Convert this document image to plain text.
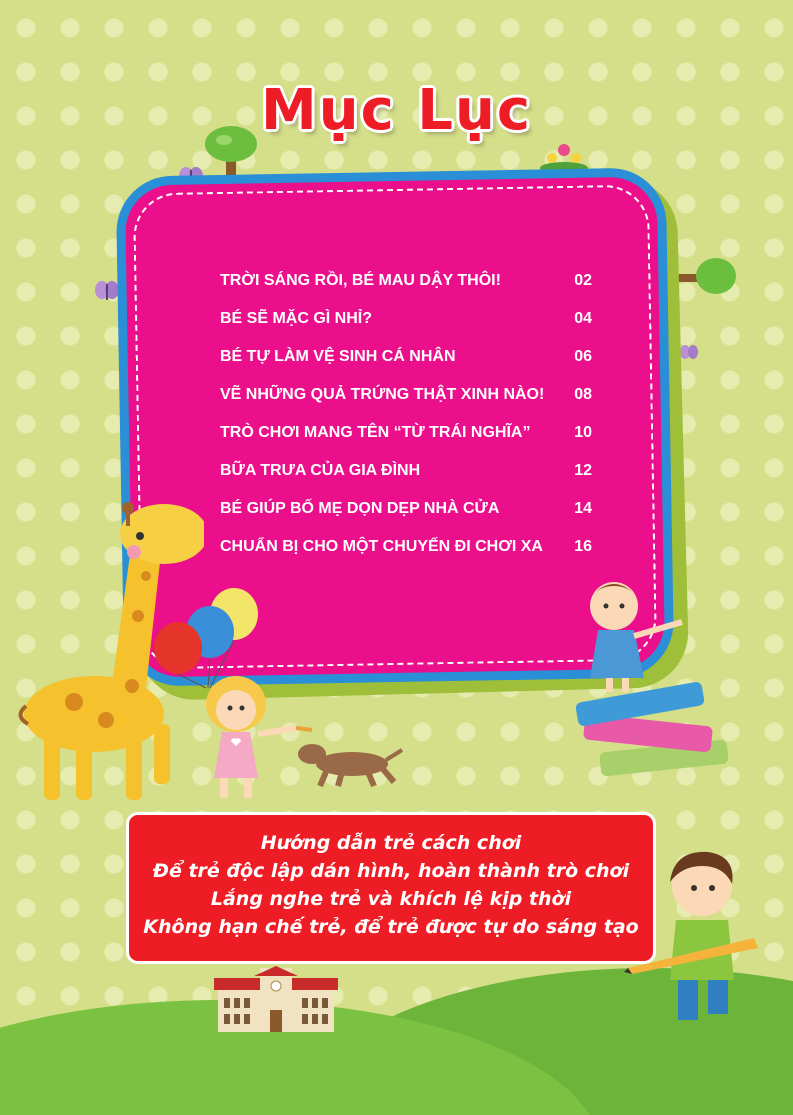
Mục Lục
TRỜI SÁNG RỒI, BÉ MAU DẬY THÔI!	02
BÉ SẼ MẶC GÌ NHỈ?	04
BÉ TỰ LÀM VỆ SINH CÁ NHÂN	06
VẼ NHỮNG QUẢ TRỨNG THẬT XINH NÀO!	08
TRÒ CHƠI MANG TÊN “TỪ TRÁI NGHĨA”	10
BỮA TRƯA CỦA GIA ĐÌNH	12
BÉ GIÚP BỐ MẸ DỌN DẸP NHÀ CỬA	14
CHUẨN BỊ CHO MỘT CHUYẾN ĐI CHƠI XA	16
Hướng dẫn trẻ cách chơi
Để trẻ độc lập dán hình, hoàn thành trò chơi
Lắng nghe trẻ và khích lệ kịp thời
Không hạn chế trẻ, để trẻ được tự do sáng tạo
